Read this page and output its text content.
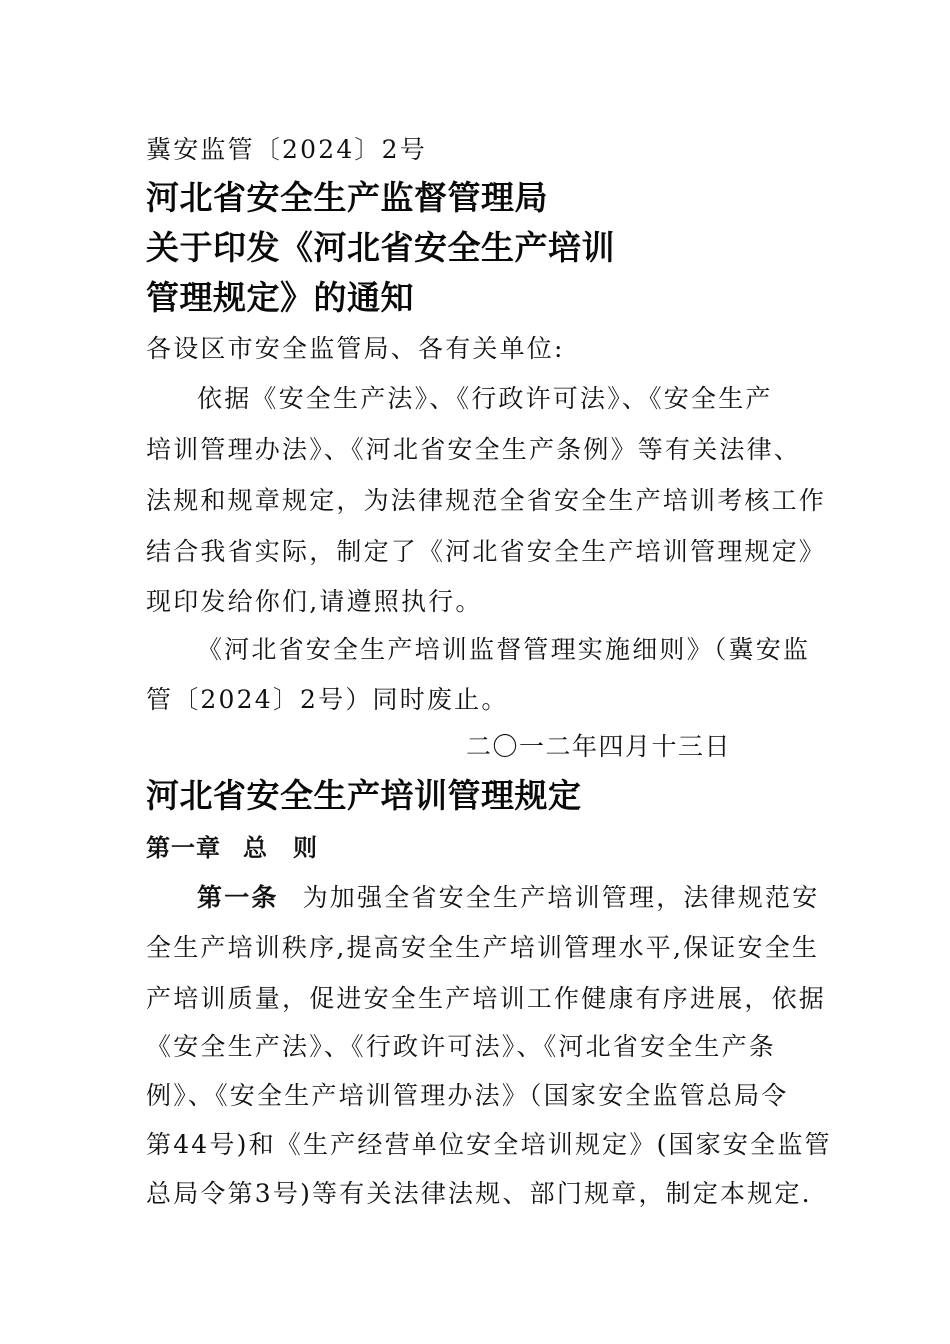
冀安监管〔2024〕2号
河北省安全生产监督管理局
关于印发《河北省安全生产培训
管理规定》的通知
各设区市安全监管局、各有关单位:
依据《安全生产法》、《行政许可法》、《安全生产
培训管理办法》、《河北省安全生产条例》等有关法律、
法规和规章规定，为法律规范全省安全生产培训考核工作
结合我省实际，制定了《河北省安全生产培训管理规定》
现印发给你们,请遵照执行。
《河北省安全生产培训监督管理实施细则》（冀安监
管〔2024〕2号）同时废止。
二〇一二年四月十三日
河北省安全生产培训管理规定
第一章 总　则
第一条 为加强全省安全生产培训管理，法律规范安
全生产培训秩序,提高安全生产培训管理水平,保证安全生
产培训质量，促进安全生产培训工作健康有序进展，依据
《安全生产法》、《行政许可法》、《河北省安全生产条
例》、《安全生产培训管理办法》（国家安全监管总局令
第44号)和《生产经营单位安全培训规定》(国家安全监管
总局令第3号)等有关法律法规、部门规章，制定本规定.
